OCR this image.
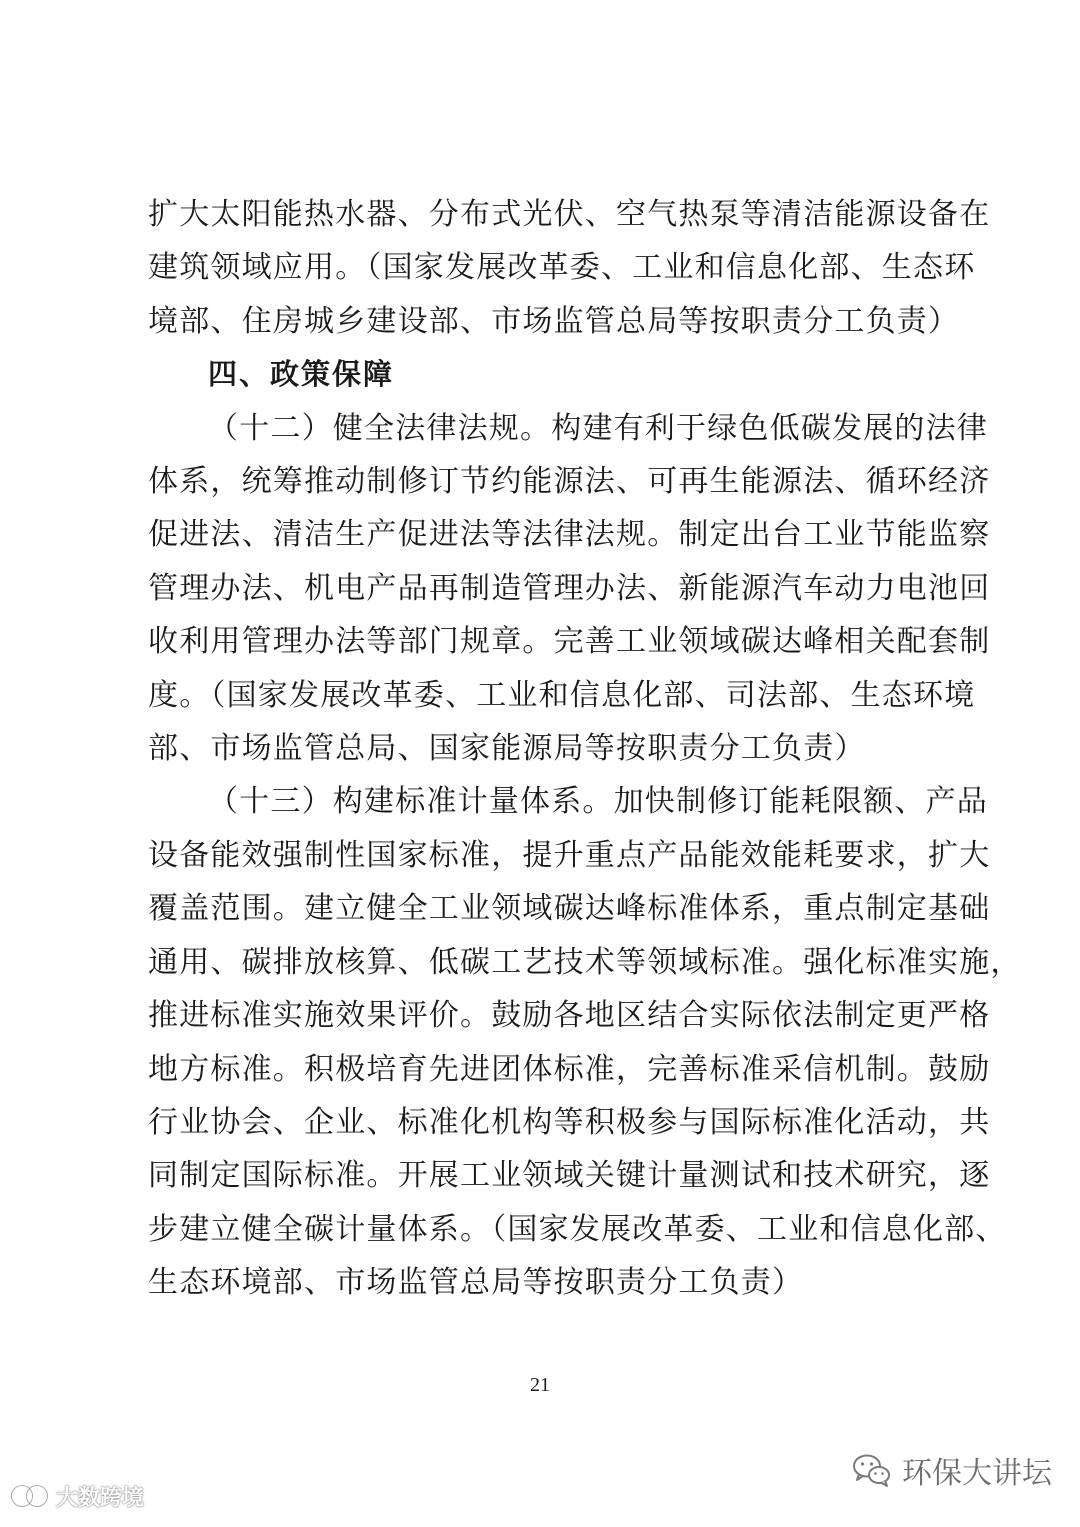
扩大太阳能热水器、分布式光伏、空气热泵等清洁能源设备在
建筑领域应用。（国家发展改革委、工业和信息化部、生态环
境部、住房城乡建设部、市场监管总局等按职责分工负责）
四、政策保障
（十二）健全法律法规。构建有利于绿色低碳发展的法律
体系，统筹推动制修订节约能源法、可再生能源法、循环经济
促进法、清洁生产促进法等法律法规。制定出台工业节能监察
管理办法、机电产品再制造管理办法、新能源汽车动力电池回
收利用管理办法等部门规章。完善工业领域碳达峰相关配套制
度。（国家发展改革委、工业和信息化部、司法部、生态环境
部、市场监管总局、国家能源局等按职责分工负责）
（十三）构建标准计量体系。加快制修订能耗限额、产品
设备能效强制性国家标准，提升重点产品能效能耗要求，扩大
覆盖范围。建立健全工业领域碳达峰标准体系，重点制定基础
通用、碳排放核算、低碳工艺技术等领域标准。强化标准实施，
推进标准实施效果评价。鼓励各地区结合实际依法制定更严格
地方标准。积极培育先进团体标准，完善标准采信机制。鼓励
行业协会、企业、标准化机构等积极参与国际标准化活动，共
同制定国际标准。开展工业领域关键计量测试和技术研究，逐
步建立健全碳计量体系。（国家发展改革委、工业和信息化部、
生态环境部、市场监管总局等按职责分工负责）
21
大数跨境
环保大讲坛
